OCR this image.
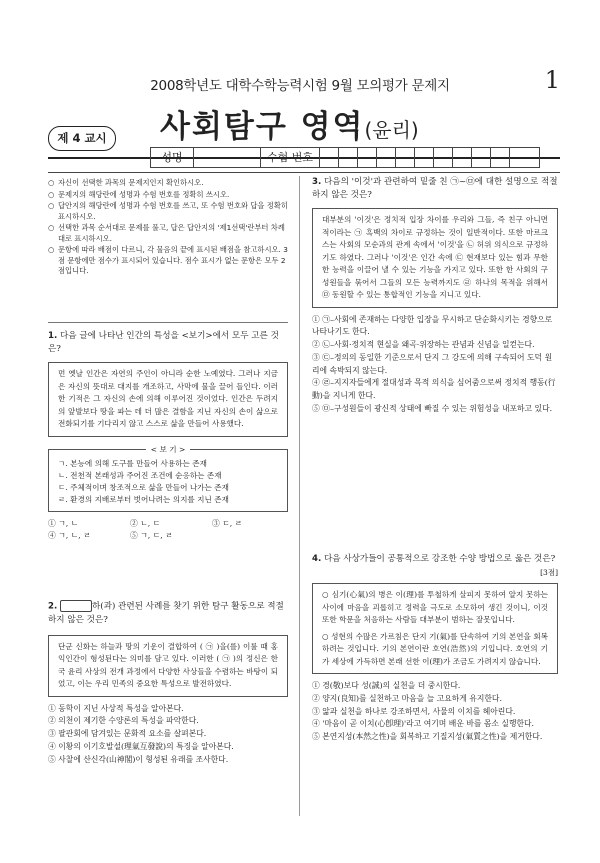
2008학년도 대학수학능력시험 9월 모의평가 문제지	1
제 4 교시	사회탐구 영역(윤리)
성명	수험 번호	–
○ 자신이 선택한 과목의 문제지인지 확인하시오.
○ 문제지의 해당란에 성명과 수험 번호를 정확히 쓰시오.
○ 답안지의 해당란에 성명과 수험 번호를 쓰고, 또 수험 번호와 답을 정확히 표시하시오.
○ 선택한 과목 순서대로 문제를 풀고, 답은 답안지의 '제1선택'란부터 차례대로 표시하시오.
○ 문항에 따라 배점이 다르니, 각 물음의 끝에 표시된 배점을 참고하시오. 3점 문항에만 점수가 표시되어 있습니다. 점수 표시가 없는 문항은 모두 2점입니다.
1. 다음 글에 나타난 인간의 특성을 <보기>에서 모두 고른 것은?
먼 옛날 인간은 자연의 주인이 아니라 순한 노예였다. 그러나 지금은 자신의 뜻대로 대지를 개조하고, 사막에 물을 끌어 들인다. 이러한 기적은 그 자신의 손에 의해 이루어진 것이었다. 인간은 두려지의 앞발보다 땅을 파는 데 더 많은 결함을 지닌 자신의 손이 삶으로 전화되기를 기다리지 않고 스스로 삶을 만들어 사용했다.
< 보 기 >
ㄱ. 본능에 의해 도구를 만들어 사용하는 존재
ㄴ. 전천적 본래성과 주어진 조건에 순응하는 존재
ㄷ. 주체적이며 창조적으로 삶을 만들어 나가는 존재
ㄹ. 환경의 지배로부터 벗어나려는 의지를 지닌 존재
① ㄱ, ㄴ	② ㄴ, ㄷ	③ ㄷ, ㄹ
④ ㄱ, ㄴ, ㄹ	⑤ ㄱ, ㄷ, ㄹ
2.	하(과) 관련된 사례를 찾기 위한 탐구 활동으로 적절하지 않은 것은?
단군 신화는 하늘과 땅의 기운이 결합하여 ( ㉠ )을(를) 이룰 때 홍익인간이 형성된다는 의미를 담고 있다. 이러한 ( ㉠ )의 정신은 한국 윤리 사상의 전개 과정에서 다양한 사상들을 수렴하는 바탕이 되었고, 이는 우리 민족의 중요한 특성으로 발전하였다.
① 동학이 지닌 사상적 특성을 알아본다.
② 의천이 제기한 수양론의 특성을 파악한다.
③ 팔관회에 담겨있는 문화적 요소를 살펴본다.
④ 이황의 이기호발설(理氣互發說)의 특징을 알아본다.
⑤ 사찰에 산신각(山神閣)이 형성된 유래를 조사한다.
3. 다음의 '이것'과 관련하여 밑줄 친 ㉠~㉤에 대한 설명으로 적절하지 않은 것은?
대부분의 '이것'은 정치적 입장 차이를 우리와 그들, 즉 친구 아니면 적이라는 ㉠ 흑백의 차이로 규정하는 것이 일반적이다. 또한 마르크스는 사회의 모순과의 관계 속에서 '이것'을 ㉡ 허위 의식으로 규정하기도 하였다. 그러나 '이것'은 인간 속에 ㉢ 현재보다 있는 힘과 무한한 능력을 이끌어 낼 수 있는 기능을 가지고 있다. 또한 한 사회의 구성원들을 묶어서 그들의 모든 능력까지도 ㉣ 하나의 목적을 위해서 ㉤ 동원할 수 있는 통합적인 기능을 지니고 있다.
① ㉠–사회에 존재하는 다양한 입장을 무시하고 단순화시키는 경향으로 나타나기도 한다.
② ㉡–사회·정치적 현실을 왜곡·위장하는 관념과 신념을 일컫는다.
③ ㉢–정의의 동일한 기준으로서 단지 그 강도에 의해 구속되어 도덕 원리에 속박되지 않는다.
④ ㉣–지지자들에게 절대성과 목적 의식을 심어줌으로써 정치적 행동(行動)을 지니게 한다.
⑤ ㉤–구성원들이 광신적 상태에 빠질 수 있는 위험성을 내포하고 있다.
4. 다음 사상가들이 공통적으로 강조한 수양 방법으로 옳은 것은?
[3점]
○ 심기(心氣)의 병은 이(理)를 투철하게 살피지 못하여 알지 못하는 사이에 마음을 괴롭히고 정력을 극도로 소모하여 생긴 것이니, 이것 또한 학문을 처음하는 사람들 대부분이 범하는 잘못입니다.
○ 성현의 수많은 가르침은 단지 기(氣)를 단속하여 기의 본연을 회복하려는 것입니다. 기의 본연이란 호연(浩然)의 기입니다. 호연의 기가 세상에 가득하면 본래 선한 이(理)가 조금도 가려지지 않습니다.
① 경(敬)보다 성(誠)의 실천을 더 중시한다.
② 양지(良知)를 실천하고 마음을 늘 고요하게 유지한다.
③ 앎과 실천을 하나로 강조하면서, 사물의 이치를 헤아린다.
④ '마음이 곧 이치(心卽理)'라고 여기며 배운 바를 몸소 실행한다.
⑤ 본연지성(本然之性)을 회복하고 기질지성(氣質之性)을 제거한다.
